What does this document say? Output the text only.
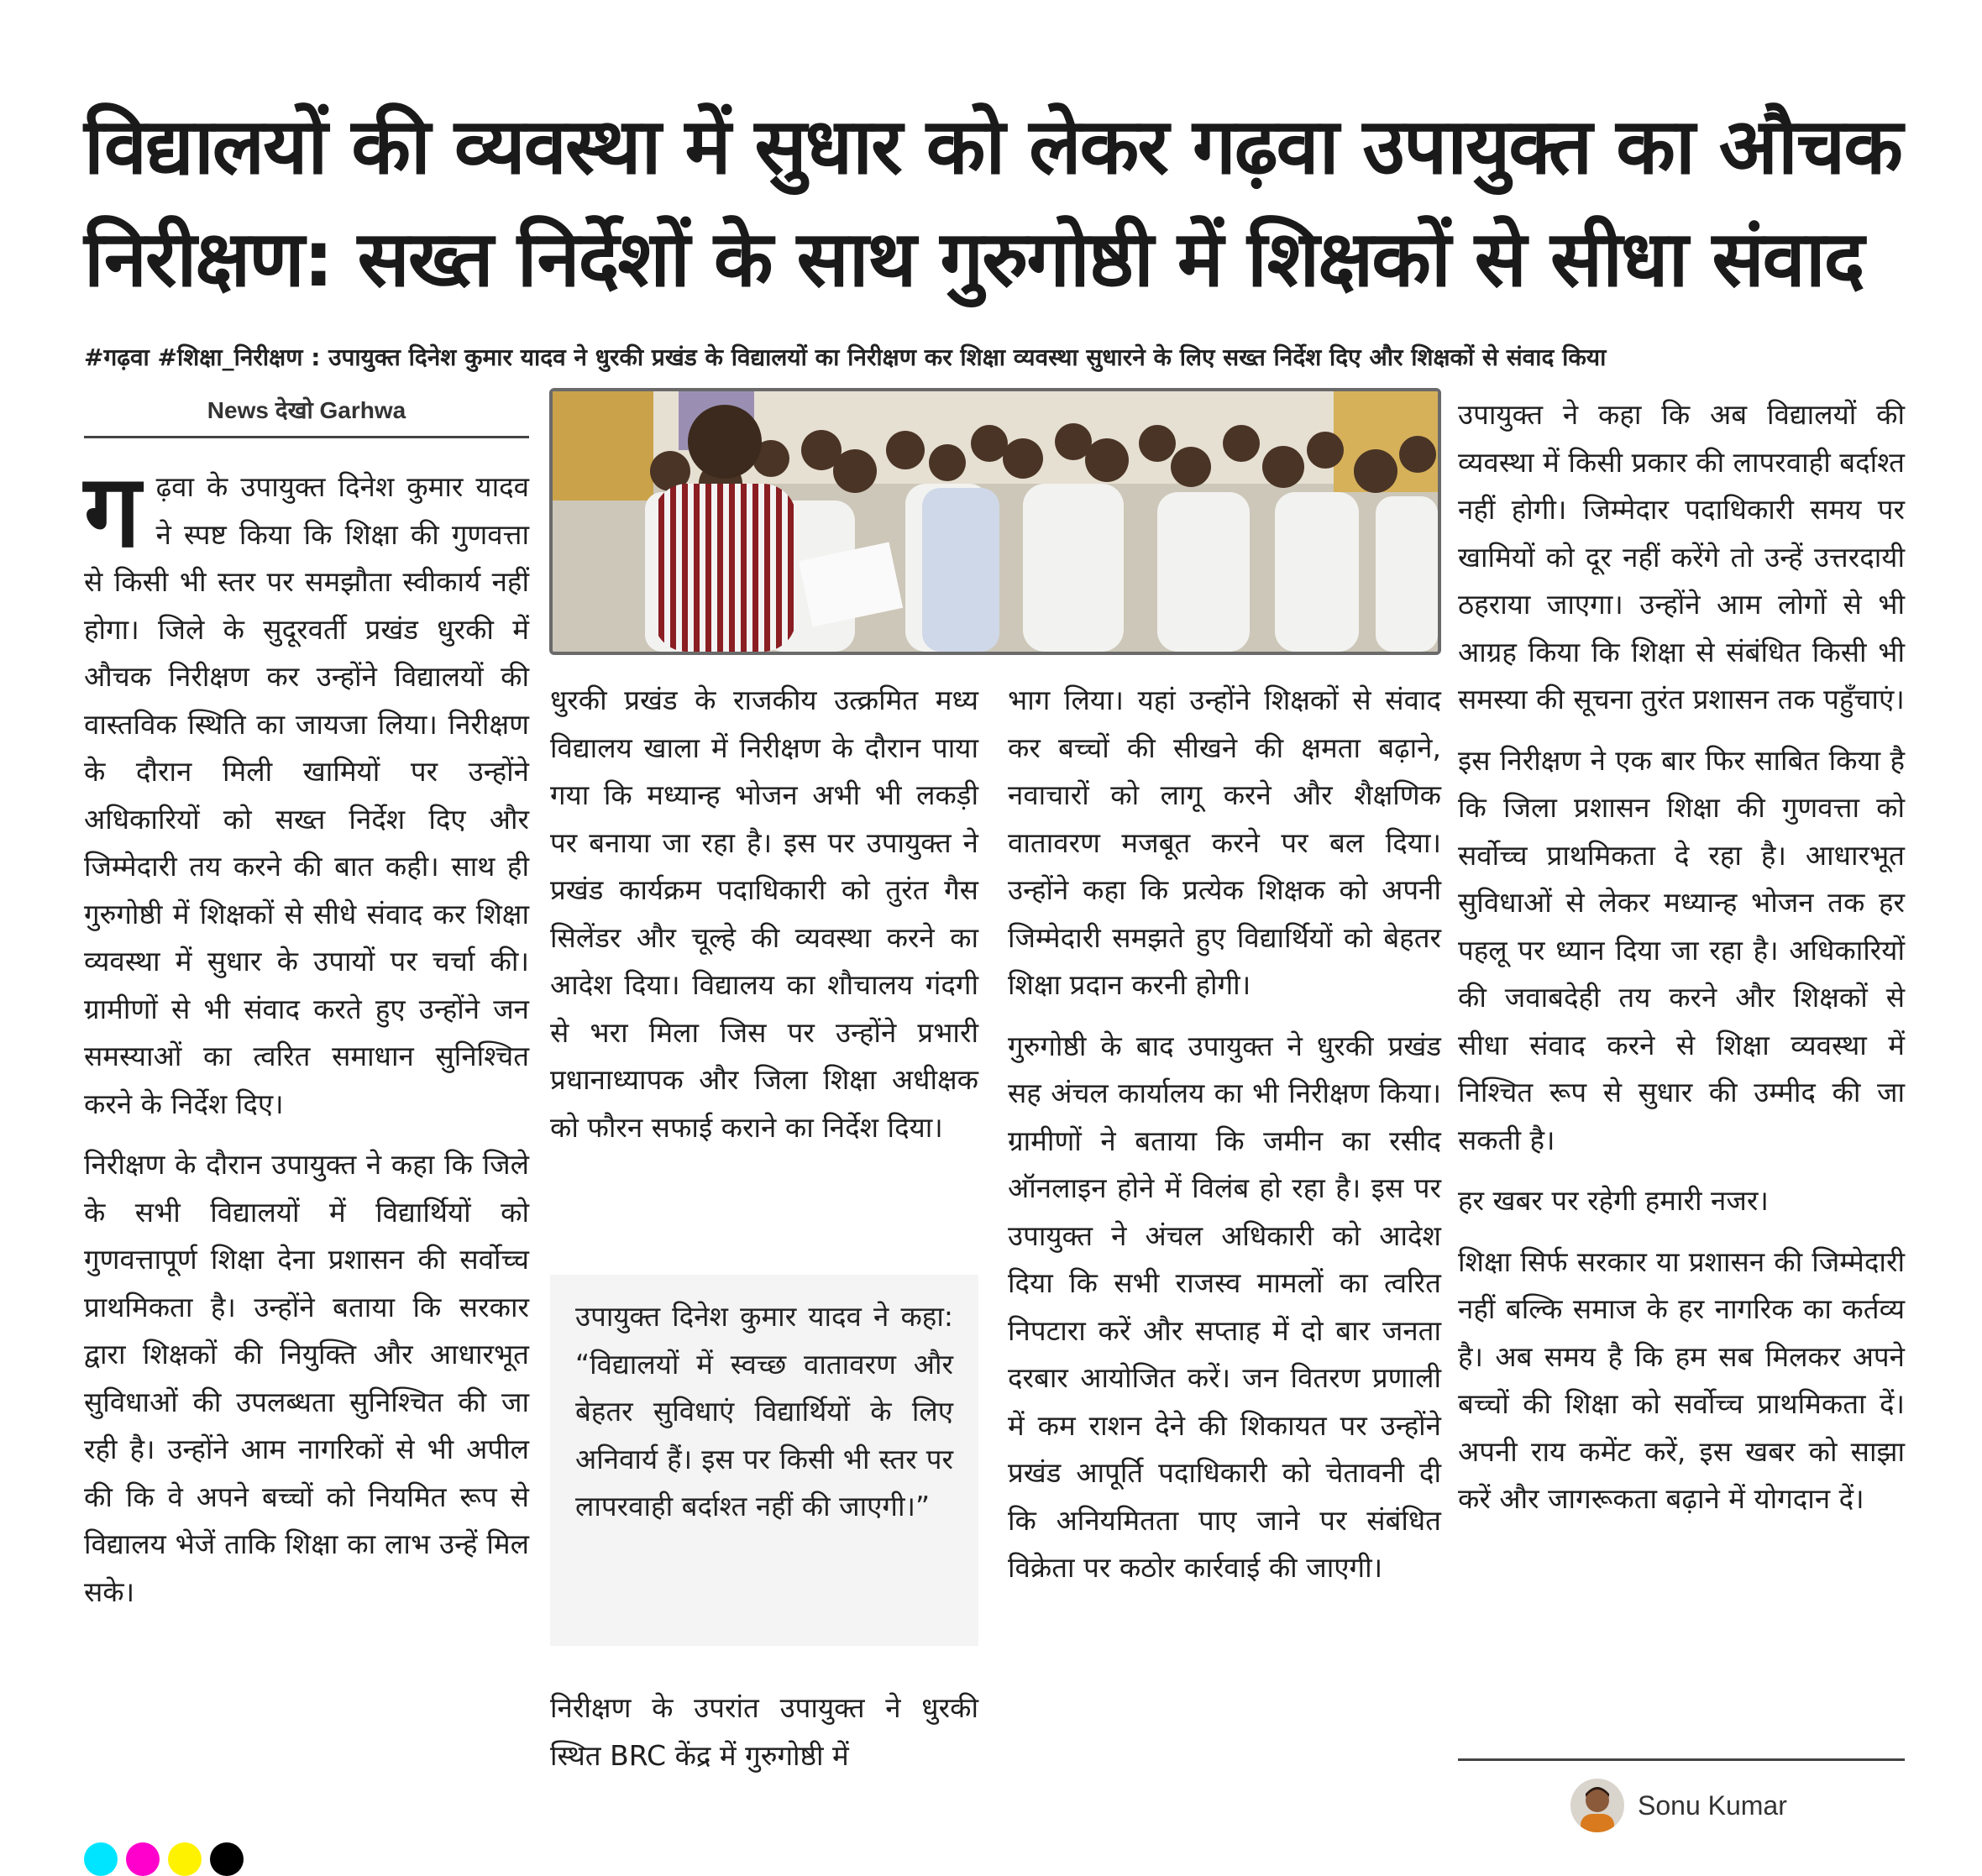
विद्यालयों की व्यवस्था में सुधार को लेकर गढ़वा उपायुक्त का औचक
निरीक्षण: सख्त निर्देशों के साथ गुरुगोष्ठी में शिक्षकों से सीधा संवाद
#गढ़वा #शिक्षा_निरीक्षण : उपायुक्त दिनेश कुमार यादव ने धुरकी प्रखंड के विद्यालयों का निरीक्षण कर शिक्षा व्यवस्था सुधारने के लिए सख्त निर्देश दिए और शिक्षकों से संवाद किया
News देखो Garhwa

गढ़वा के उपायुक्त दिनेश कुमार यादव ने स्पष्ट किया कि शिक्षा की गुणवत्ता से किसी भी स्तर पर समझौता स्वीकार्य नहीं होगा। जिले के सुदूरवर्ती प्रखंड धुरकी में औचक निरीक्षण कर उन्होंने विद्यालयों की वास्तविक स्थिति का जायजा लिया। निरीक्षण के दौरान मिली खामियों पर उन्होंने अधिकारियों को सख्त निर्देश दिए और जिम्मेदारी तय करने की बात कही। साथ ही गुरुगोष्ठी में शिक्षकों से सीधे संवाद कर शिक्षा व्यवस्था में सुधार के उपायों पर चर्चा की। ग्रामीणों से भी संवाद करते हुए उन्होंने जन समस्याओं का त्वरित समाधान सुनिश्चित करने के निर्देश दिए।

निरीक्षण के दौरान उपायुक्त ने कहा कि जिले के सभी विद्यालयों में विद्यार्थियों को गुणवत्तापूर्ण शिक्षा देना प्रशासन की सर्वोच्च प्राथमिकता है। उन्होंने बताया कि सरकार द्वारा शिक्षकों की नियुक्ति और आधारभूत सुविधाओं की उपलब्धता सुनिश्चित की जा रही है। उन्होंने आम नागरिकों से भी अपील की कि वे अपने बच्चों को नियमित रूप से विद्यालय भेजें ताकि शिक्षा का लाभ उन्हें मिल सके।

धुरकी प्रखंड के राजकीय उत्क्रमित मध्य विद्यालय खाला में निरीक्षण के दौरान पाया गया कि मध्यान्ह भोजन अभी भी लकड़ी पर बनाया जा रहा है। इस पर उपायुक्त ने प्रखंड कार्यक्रम पदाधिकारी को तुरंत गैस सिलेंडर और चूल्हे की व्यवस्था करने का आदेश दिया। विद्यालय का शौचालय गंदगी से भरा मिला जिस पर उन्होंने प्रभारी प्रधानाध्यापक और जिला शिक्षा अधीक्षक को फौरन सफाई कराने का निर्देश दिया।

उपायुक्त दिनेश कुमार यादव ने कहा: “विद्यालयों में स्वच्छ वातावरण और बेहतर सुविधाएं विद्यार्थियों के लिए अनिवार्य हैं। इस पर किसी भी स्तर पर लापरवाही बर्दाश्त नहीं की जाएगी।”

निरीक्षण के उपरांत उपायुक्त ने धुरकी स्थित BRC केंद्र में गुरुगोष्ठी में

भाग लिया। यहां उन्होंने शिक्षकों से संवाद कर बच्चों की सीखने की क्षमता बढ़ाने, नवाचारों को लागू करने और शैक्षणिक वातावरण मजबूत करने पर बल दिया। उन्होंने कहा कि प्रत्येक शिक्षक को अपनी जिम्मेदारी समझते हुए विद्यार्थियों को बेहतर शिक्षा प्रदान करनी होगी।

गुरुगोष्ठी के बाद उपायुक्त ने धुरकी प्रखंड सह अंचल कार्यालय का भी निरीक्षण किया। ग्रामीणों ने बताया कि जमीन का रसीद ऑनलाइन होने में विलंब हो रहा है। इस पर उपायुक्त ने अंचल अधिकारी को आदेश दिया कि सभी राजस्व मामलों का त्वरित निपटारा करें और सप्ताह में दो बार जनता दरबार आयोजित करें। जन वितरण प्रणाली में कम राशन देने की शिकायत पर उन्होंने प्रखंड आपूर्ति पदाधिकारी को चेतावनी दी कि अनियमितता पाए जाने पर संबंधित विक्रेता पर कठोर कार्रवाई की जाएगी।

उपायुक्त ने कहा कि अब विद्यालयों की व्यवस्था में किसी प्रकार की लापरवाही बर्दाश्त नहीं होगी। जिम्मेदार पदाधिकारी समय पर खामियों को दूर नहीं करेंगे तो उन्हें उत्तरदायी ठहराया जाएगा। उन्होंने आम लोगों से भी आग्रह किया कि शिक्षा से संबंधित किसी भी समस्या की सूचना तुरंत प्रशासन तक पहुँचाएं।

इस निरीक्षण ने एक बार फिर साबित किया है कि जिला प्रशासन शिक्षा की गुणवत्ता को सर्वोच्च प्राथमिकता दे रहा है। आधारभूत सुविधाओं से लेकर मध्यान्ह भोजन तक हर पहलू पर ध्यान दिया जा रहा है। अधिकारियों की जवाबदेही तय करने और शिक्षकों से सीधा संवाद करने से शिक्षा व्यवस्था में निश्चित रूप से सुधार की उम्मीद की जा सकती है।

हर खबर पर रहेगी हमारी नजर।

शिक्षा सिर्फ सरकार या प्रशासन की जिम्मेदारी नहीं बल्कि समाज के हर नागरिक का कर्तव्य है। अब समय है कि हम सब मिलकर अपने बच्चों की शिक्षा को सर्वोच्च प्राथमिकता दें। अपनी राय कमेंट करें, इस खबर को साझा करें और जागरूकता बढ़ाने में योगदान दें।

Sonu Kumar
